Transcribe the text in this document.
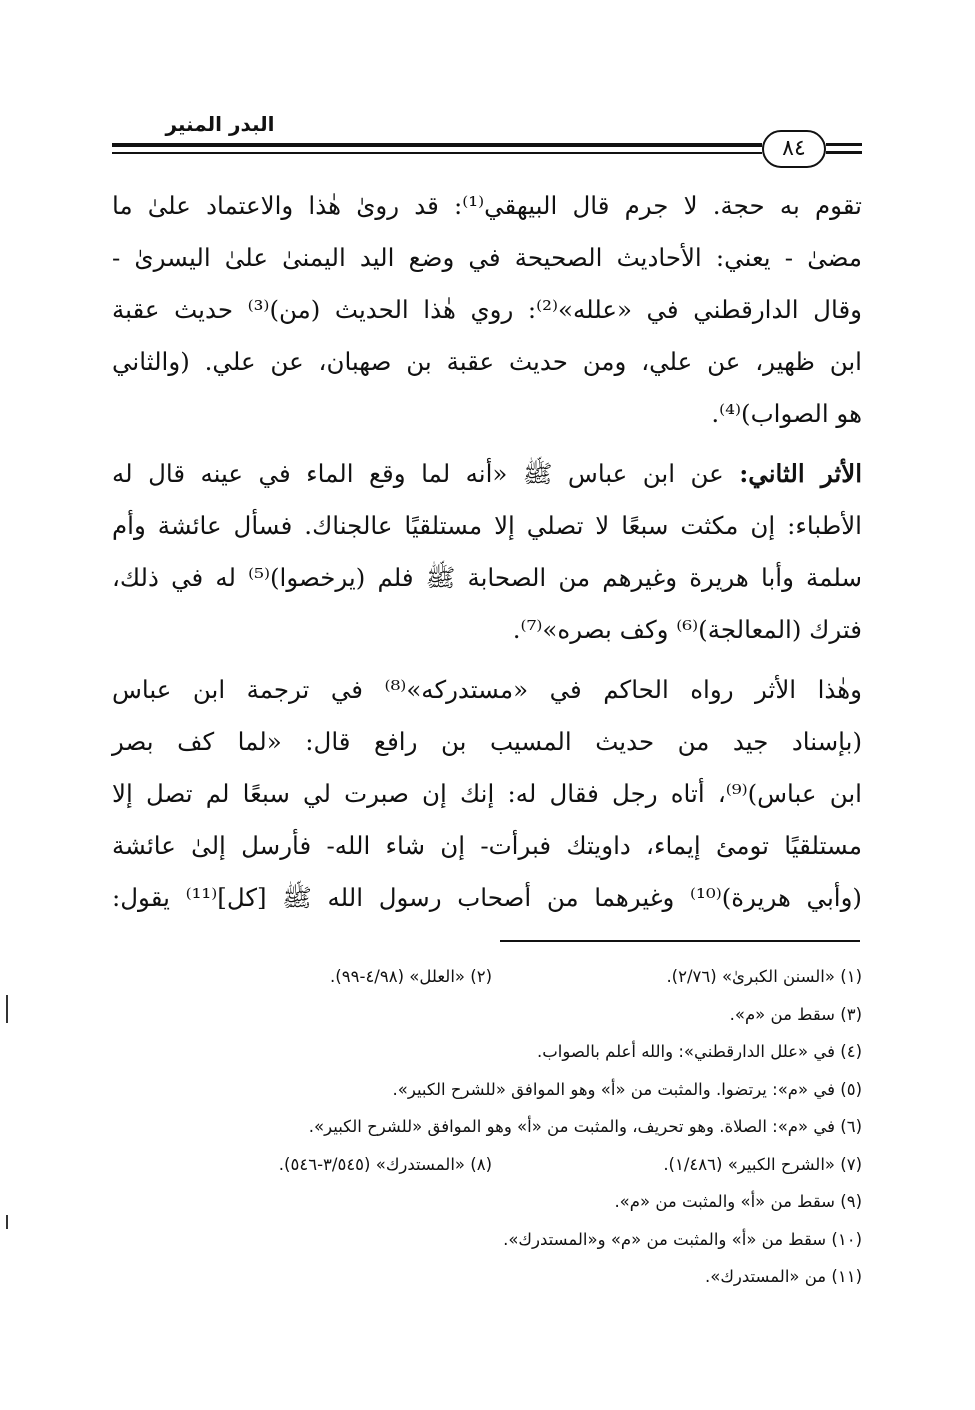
البدر المنير
٨٤
تقوم به حجة. لا جرم قال البيهقي⁽¹⁾: قد روىٰ هٰذا والاعتماد علىٰ ما
مضىٰ - يعني: الأحاديث الصحيحة في وضع اليد اليمنىٰ علىٰ اليسرىٰ -
وقال الدارقطني في «علله»⁽²⁾: روي هٰذا الحديث (من)⁽³⁾ حديث عقبة
ابن ظهير، عن علي، ومن حديث عقبة بن صهبان، عن علي. (والثاني
هو الصواب)⁽⁴⁾.
الأثر الثاني: عن ابن عباس ﷺ «أنه لما وقع الماء في عينه قال له
الأطباء: إن مكثت سبعًا لا تصلي إلا مستلقيًا عالجناك. فسأل عائشة وأم
سلمة وأبا هريرة وغيرهم من الصحابة ﷺ فلم (يرخصوا)⁽⁵⁾ له في ذلك،
فترك (المعالجة)⁽⁶⁾ وكف بصره»⁽⁷⁾.
وهٰذا الأثر رواه الحاكم في «مستدركه»⁽⁸⁾ في ترجمة ابن عباس
(بإسناد جيد من حديث المسيب بن رافع قال: «لما كف بصر
ابن عباس)⁽⁹⁾، أتاه رجل فقال له: إنك إن صبرت لي سبعًا لم تصل إلا
مستلقيًا تومئ إيماء، داويتك فبرأت- إن شاء الله- فأرسل إلىٰ عائشة
(وأبي هريرة)⁽¹⁰⁾ وغيرهما من أصحاب رسول الله ﷺ [كل]⁽¹¹⁾ يقول:
(١) «السنن الكبرىٰ» (٢/٧٦).
(٢) «العلل» (٤/٩٨-٩٩).
(٣) سقط من «م».
(٤) في «علل الدارقطني»: والله أعلم بالصواب.
(٥) في «م»: يرتضوا. والمثبت من «أ» وهو الموافق «للشرح الكبير».
(٦) في «م»: الصلاة. وهو تحريف، والمثبت من «أ» وهو الموافق «للشرح الكبير».
(٧) «الشرح الكبير» (١/٤٨٦).
(٨) «المستدرك» (٣/٥٤٥-٥٤٦).
(٩) سقط من «أ» والمثبت من «م».
(١٠) سقط من «أ» والمثبت من «م» و«المستدرك».
(١١) من «المستدرك».
